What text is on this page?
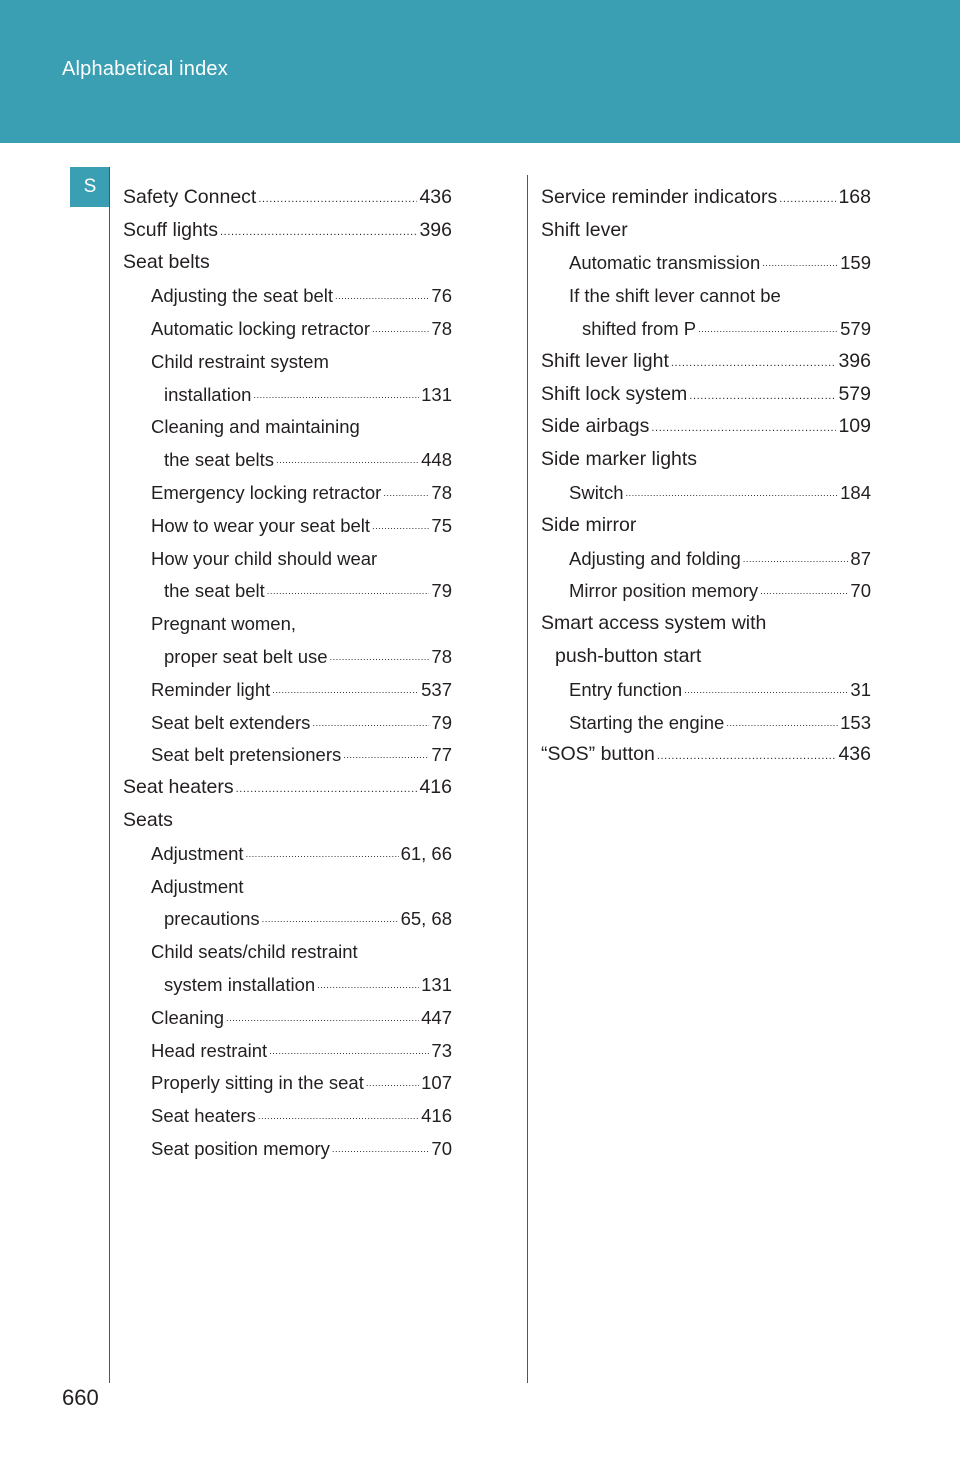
Alphabetical index
S	Safety Connect .....	436
Scuff lights .....	396
Seat belts
Adjusting the seat belt .....	76
Automatic locking retractor .....	78
Child restraint system
installation .....	131
Cleaning and maintaining
the seat belts .....	448
Emergency locking retractor .....	78
How to wear your seat belt .....	75
How your child should wear
the seat belt .....	79
Pregnant women,
proper seat belt use .....	78
Reminder light .....	537
Seat belt extenders .....	79
Seat belt pretensioners .....	77
Seat heaters .....	416
Seats
Adjustment .....	61, 66
Adjustment
precautions .....	65, 68
Child seats/child restraint
system installation .....	131
Cleaning .....	447
Head restraint .....	73
Properly sitting in the seat .....	107
Seat heaters .....	416
Seat position memory .....	70
Service reminder indicators .....	168
Shift lever
Automatic transmission .....	159
If the shift lever cannot be
shifted from P .....	579
Shift lever light .....	396
Shift lock system .....	579
Side airbags .....	109
Side marker lights
Switch .....	184
Side mirror
Adjusting and folding .....	87
Mirror position memory .....	70
Smart access system with
push-button start
Entry function .....	31
Starting the engine .....	153
“SOS” button .....	436
660
